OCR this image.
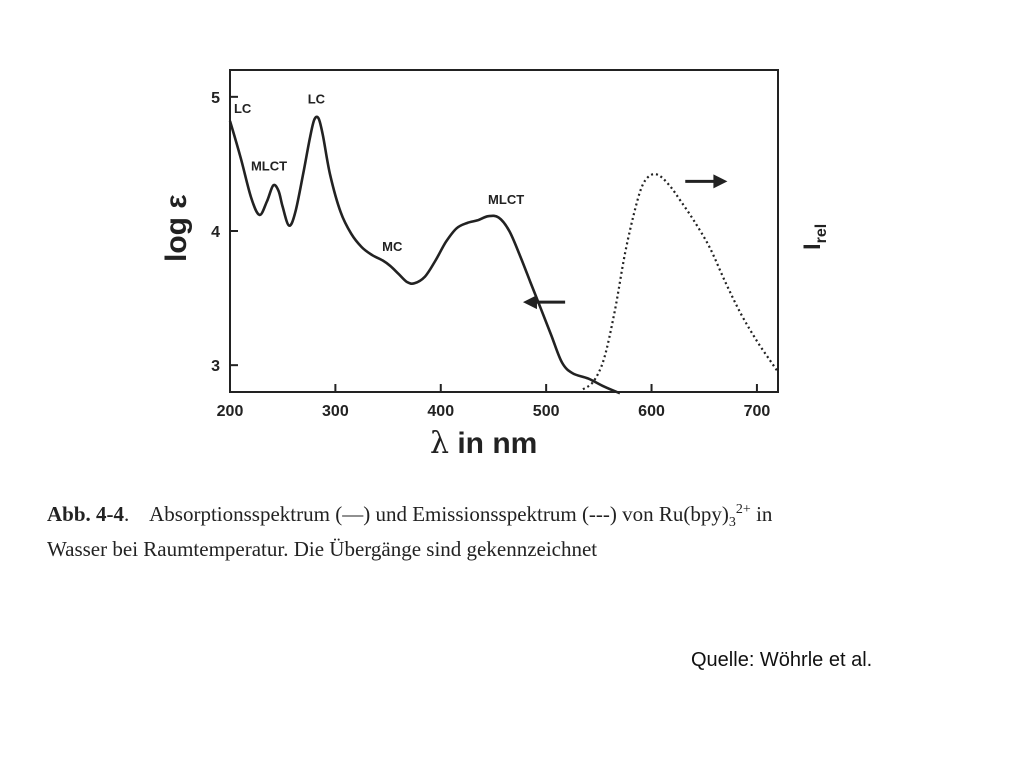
200	300	400	500	600	700
3
4
5
LC
LC
MLCT
MC
MLCT
log ε
λ in nm
$I_{rel}$
Abb. 4-4. Absorptionsspektrum (—) und Emissionsspektrum (---) von $Ru(bpy)_3^{2+}$ in
Wasser bei Raumtemperatur. Die Übergänge sind gekennzeichnet
Quelle: Wöhrle et al.
